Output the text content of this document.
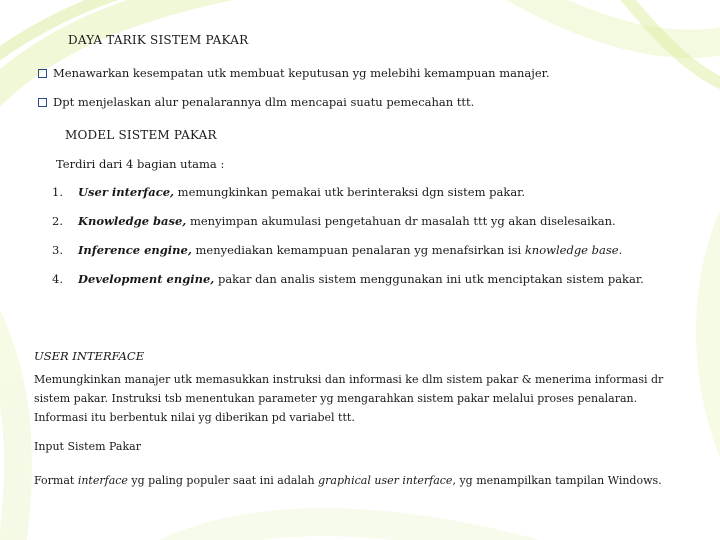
DAYA TARIK SISTEM PAKAR
Menawarkan kesempatan utk membuat keputusan yg melebihi kemampuan manajer.
Dpt menjelaskan alur penalarannya dlm mencapai suatu pemecahan ttt.
MODEL SISTEM PAKAR
Terdiri dari 4 bagian utama :
1. User interface, memungkinkan pemakai utk berinteraksi dgn sistem pakar.
2. Knowledge base, menyimpan akumulasi pengetahuan dr masalah ttt yg akan diselesaikan.
3. Inference engine, menyediakan kemampuan penalaran yg menafsirkan isi knowledge base.
4. Development engine, pakar dan analis sistem menggunakan ini utk menciptakan sistem pakar.
USER INTERFACE
Memungkinkan manajer utk memasukkan instruksi dan informasi ke dlm sistem pakar & menerima informasi dr sistem pakar. Instruksi tsb menentukan parameter yg mengarahkan sistem pakar melalui proses penalaran. Informasi itu berbentuk nilai yg diberikan pd variabel ttt.
Input Sistem Pakar
Format interface yg paling populer saat ini adalah graphical user interface, yg menampilkan tampilan Windows.
